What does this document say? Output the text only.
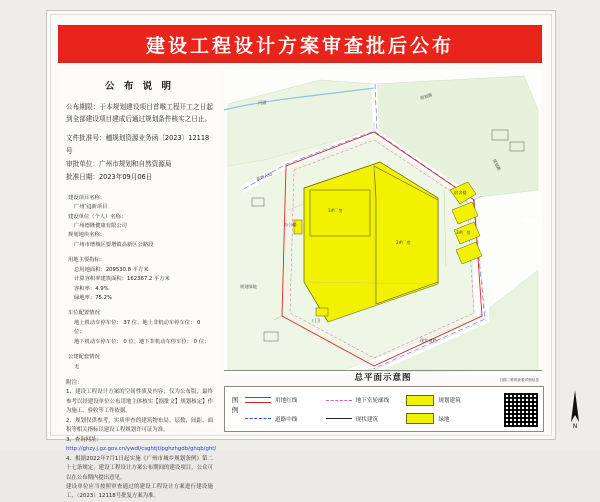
建设工程设计方案审查批后公布
公 布 说 明
公布期限：于本规划建设项目首喉工程开工之日起到全部建设项目建成后通过规划条件核实之日止。
文件批准号：穗规划资源业务函〔2023〕12118号
审批单位：广州市规划和自然资源局
批准日期：2023年09月06日
建设项目名称：
广州宝J新项目
建设单位（个人）名称：
广州德隆健康有限公司
规划地块名称：
广州市增城区要增镇高新区公路段
用地主要指标：
总用地面积：209530.8 平方米
计算容积率建筑面积：162367.2 平方米
容积率：4.9%
绿地率：75.2%
车位配置情况
地上机动车停车位： 37 位、地上非机动车停车位： 0 位；
地下机动车停车位： 0 位、地下非机动车停车位： 0 位；
公建配套情况
无
附注：
1、建设工程设计方案的空间性质及内容，仅为公布版，最终参考以经建设单位公布用地主体核实【据批文】规划核定】作为施工、验收等工作依据。
2、规划仅供参考，实质审查的建筑物布局、层数、间距、面积等相关指标以建设工程规划许可证为准。
3、查询网址：
http://ghzy.j.gz.gov.cn/ywdl/csghtjt/pghzhgdb/ghqb/ght/
4、根据2022年7月1日起实施《广州市城乡规划条例》第二十七条规定，建设工程设计方案公布期间的建设项目，公众可以在公布期内提出意见。
建设单位应当按照审查通过的建设工程设计方案进行建设施工，（2023）12118号批复方案为准。
规划路
规划路
新塘大道
现状道路
规划绿地
河涌
1#厂房
2#厂房
3#厂房
宿舍楼
办公楼
门卫
总平面示意图
图
例
用地红线	地下室轮廓线	规划建筑
道路中线	现状建筑	绿地
扫描二维码查看详细信息
N
